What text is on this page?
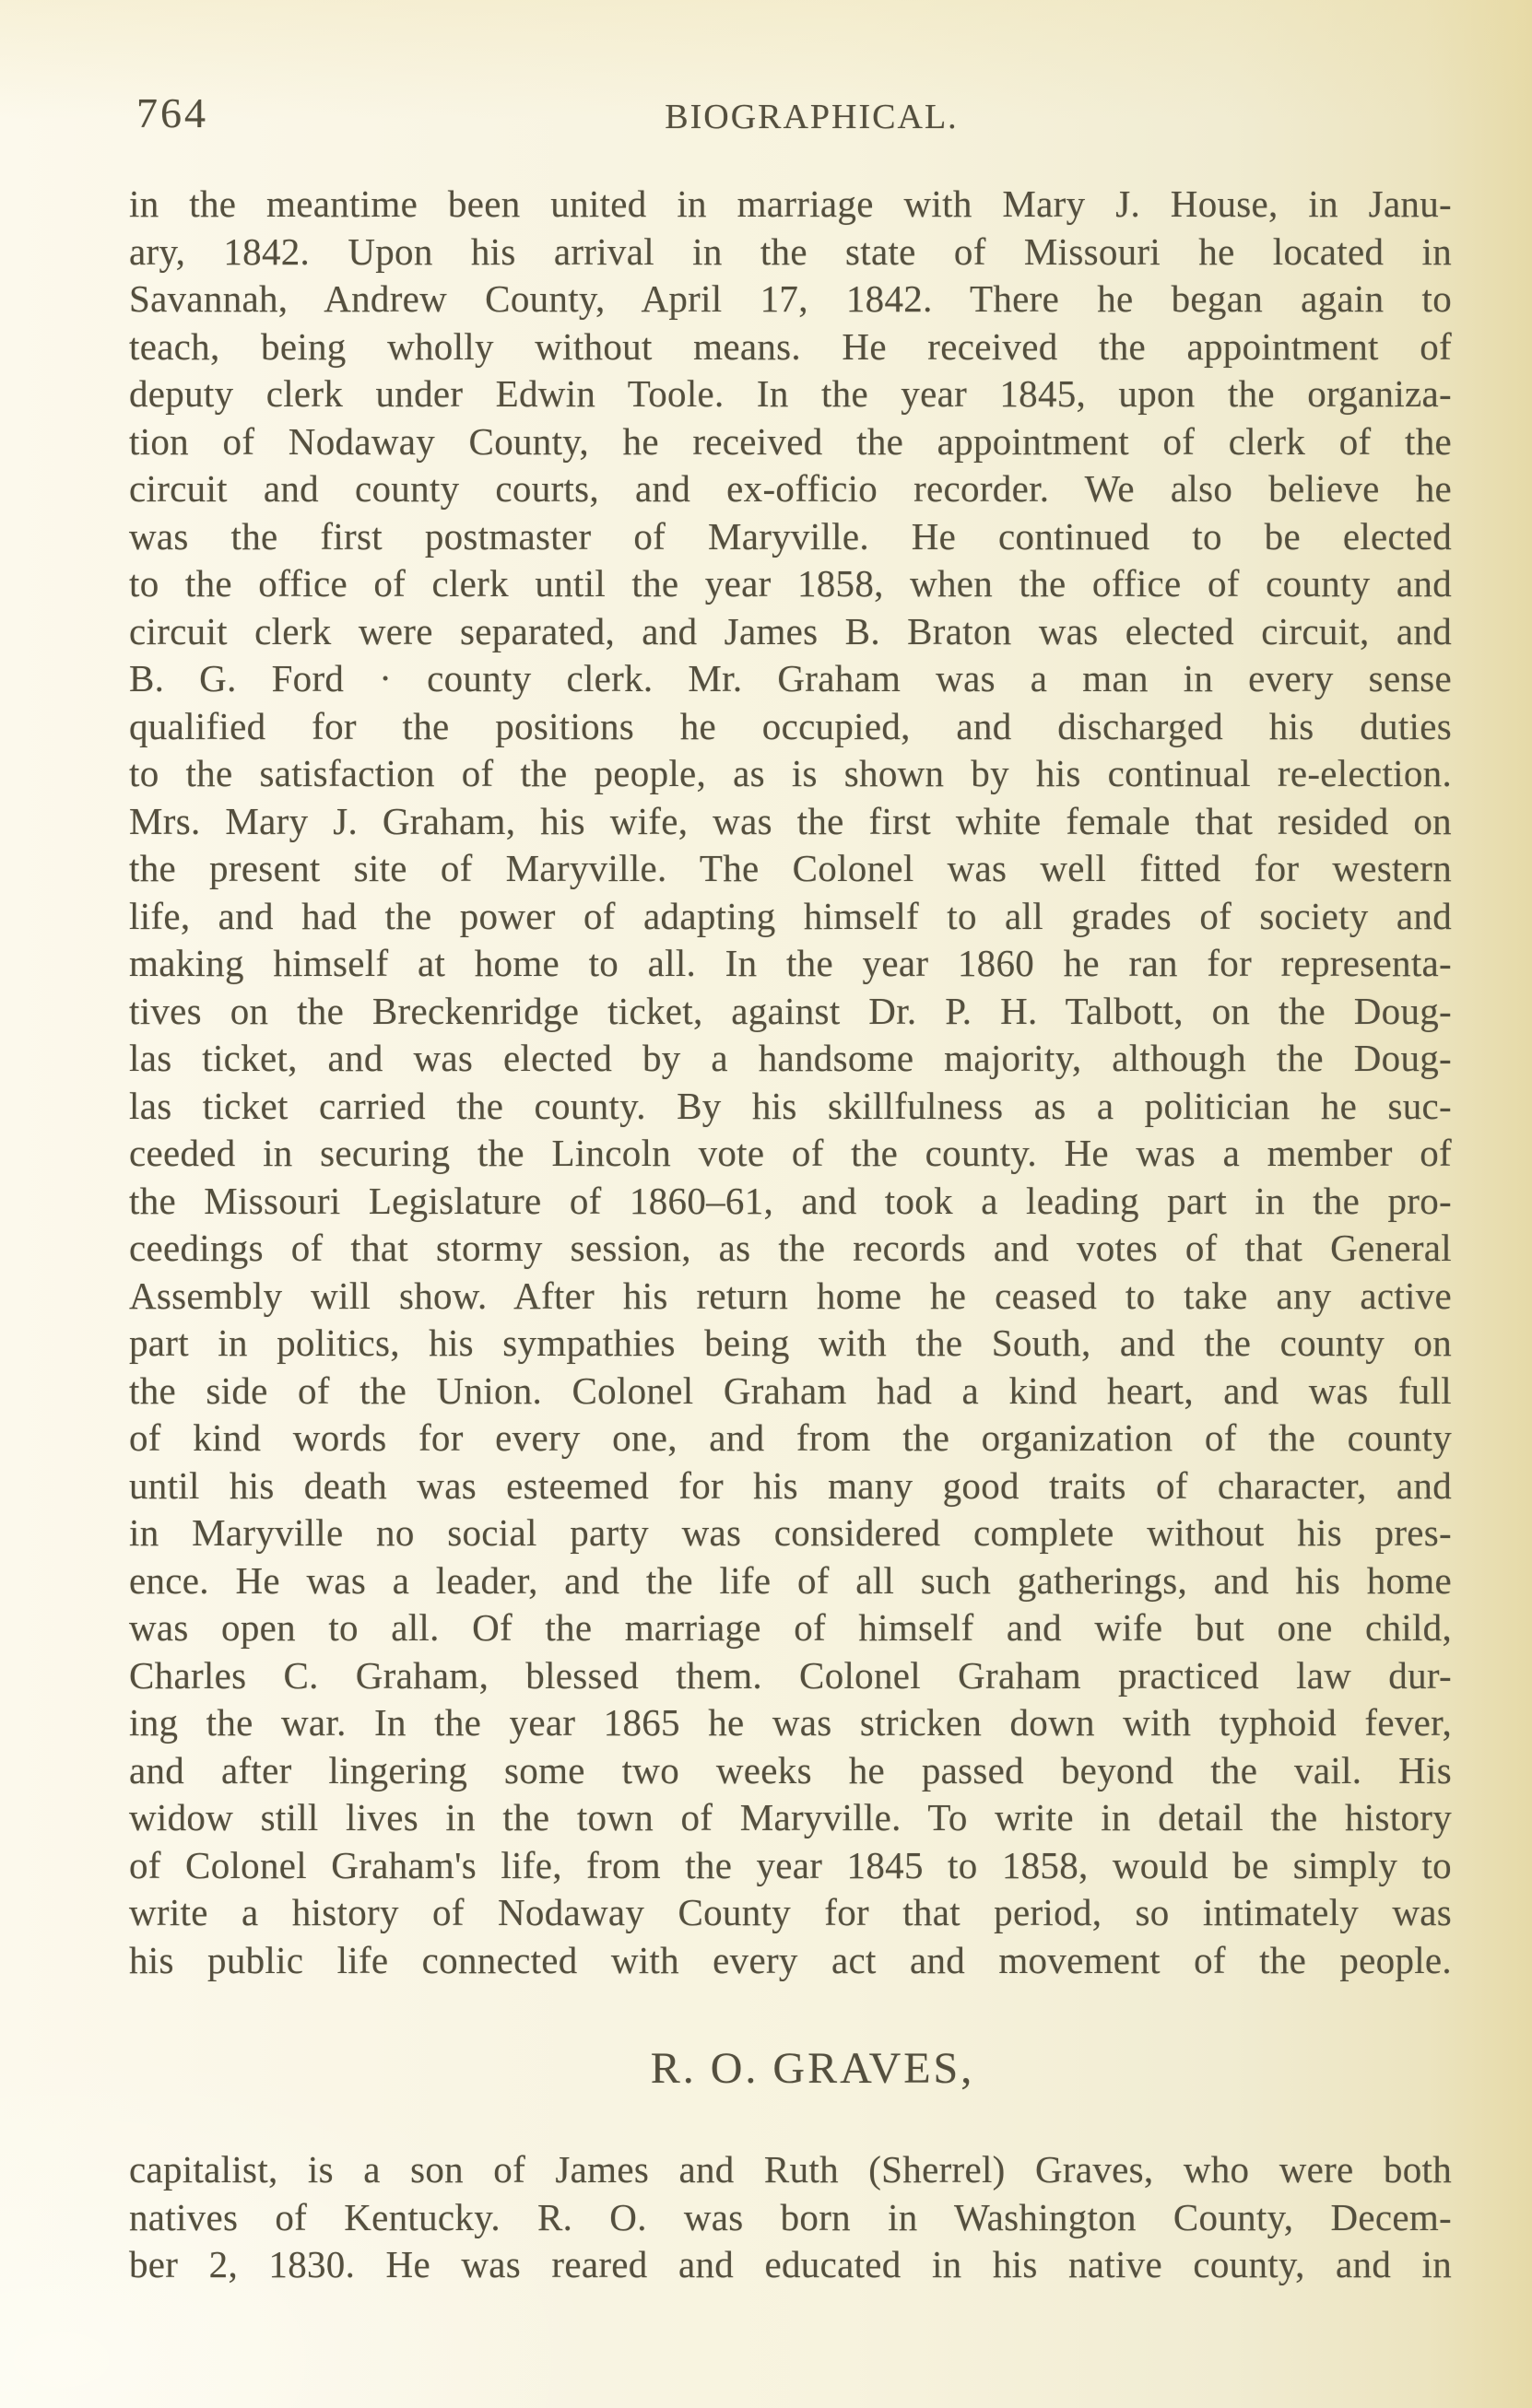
764	BIOGRAPHICAL.
in the meantime been united in marriage with Mary J. House, in Janu-
ary, 1842. Upon his arrival in the state of Missouri he located in
Savannah, Andrew County, April 17, 1842. There he began again to
teach, being wholly without means. He received the appointment of
deputy clerk under Edwin Toole. In the year 1845, upon the organiza-
tion of Nodaway County, he received the appointment of clerk of the
circuit and county courts, and ex-officio recorder. We also believe he
was the first postmaster of Maryville. He continued to be elected
to the office of clerk until the year 1858, when the office of county and
circuit clerk were separated, and James B. Braton was elected circuit, and
B. G. Ford · county clerk. Mr. Graham was a man in every sense
qualified for the positions he occupied, and discharged his duties
to the satisfaction of the people, as is shown by his continual re-election.
Mrs. Mary J. Graham, his wife, was the first white female that resided on
the present site of Maryville. The Colonel was well fitted for western
life, and had the power of adapting himself to all grades of society and
making himself at home to all. In the year 1860 he ran for representa-
tives on the Breckenridge ticket, against Dr. P. H. Talbott, on the Doug-
las ticket, and was elected by a handsome majority, although the Doug-
las ticket carried the county. By his skillfulness as a politician he suc-
ceeded in securing the Lincoln vote of the county. He was a member of
the Missouri Legislature of 1860–61, and took a leading part in the pro-
ceedings of that stormy session, as the records and votes of that General
Assembly will show. After his return home he ceased to take any active
part in politics, his sympathies being with the South, and the county on
the side of the Union. Colonel Graham had a kind heart, and was full
of kind words for every one, and from the organization of the county
until his death was esteemed for his many good traits of character, and
in Maryville no social party was considered complete without his pres-
ence. He was a leader, and the life of all such gatherings, and his home
was open to all. Of the marriage of himself and wife but one child,
Charles C. Graham, blessed them. Colonel Graham practiced law dur-
ing the war. In the year 1865 he was stricken down with typhoid fever,
and after lingering some two weeks he passed beyond the vail. His
widow still lives in the town of Maryville. To write in detail the history
of Colonel Graham's life, from the year 1845 to 1858, would be simply to
write a history of Nodaway County for that period, so intimately was
his public life connected with every act and movement of the people.
R. O. GRAVES,
capitalist, is a son of James and Ruth (Sherrel) Graves, who were both
natives of Kentucky. R. O. was born in Washington County, Decem-
ber 2, 1830. He was reared and educated in his native county, and in
